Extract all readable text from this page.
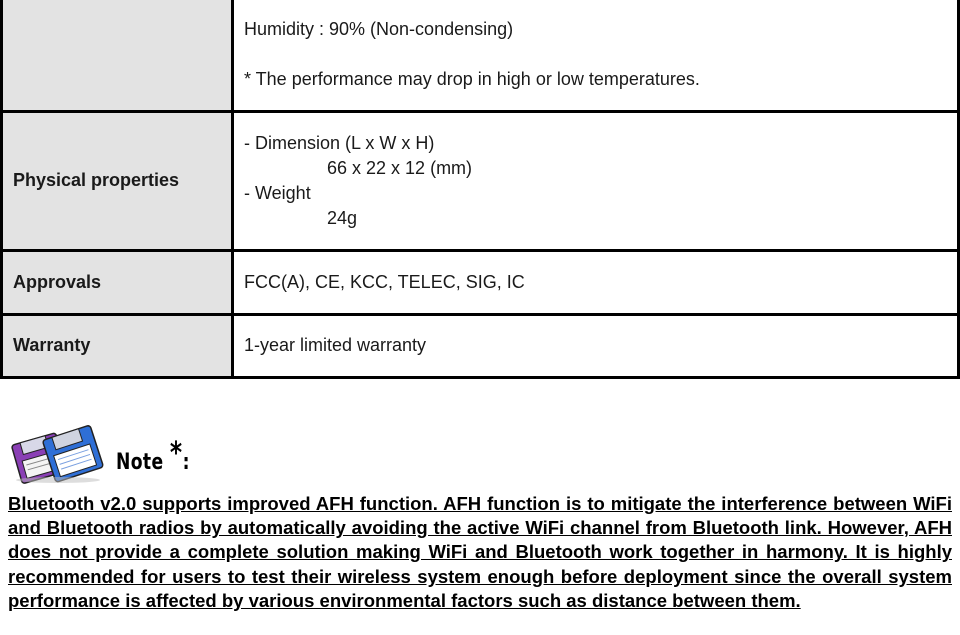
	Humidity : 90% (Non-condensing)
* The performance may drop in high or low temperatures.

Physical properties	- Dimension (L x W x H)
66 x 22 x 12 (mm)
- Weight
24g

Approvals	FCC(A), CE, KCC, TELEC, SIG, IC
Warranty	1-year limited warranty
Note *:

Bluetooth v2.0 supports improved AFH function. AFH function is to mitigate the interference between WiFi and Bluetooth radios by automatically avoiding the active WiFi channel from Bluetooth link. However, AFH does not provide a complete solution making WiFi and Bluetooth work together in harmony. It is highly recommended for users to test their wireless system enough before deployment since the overall system performance is affected by various environmental factors such as distance between them.
